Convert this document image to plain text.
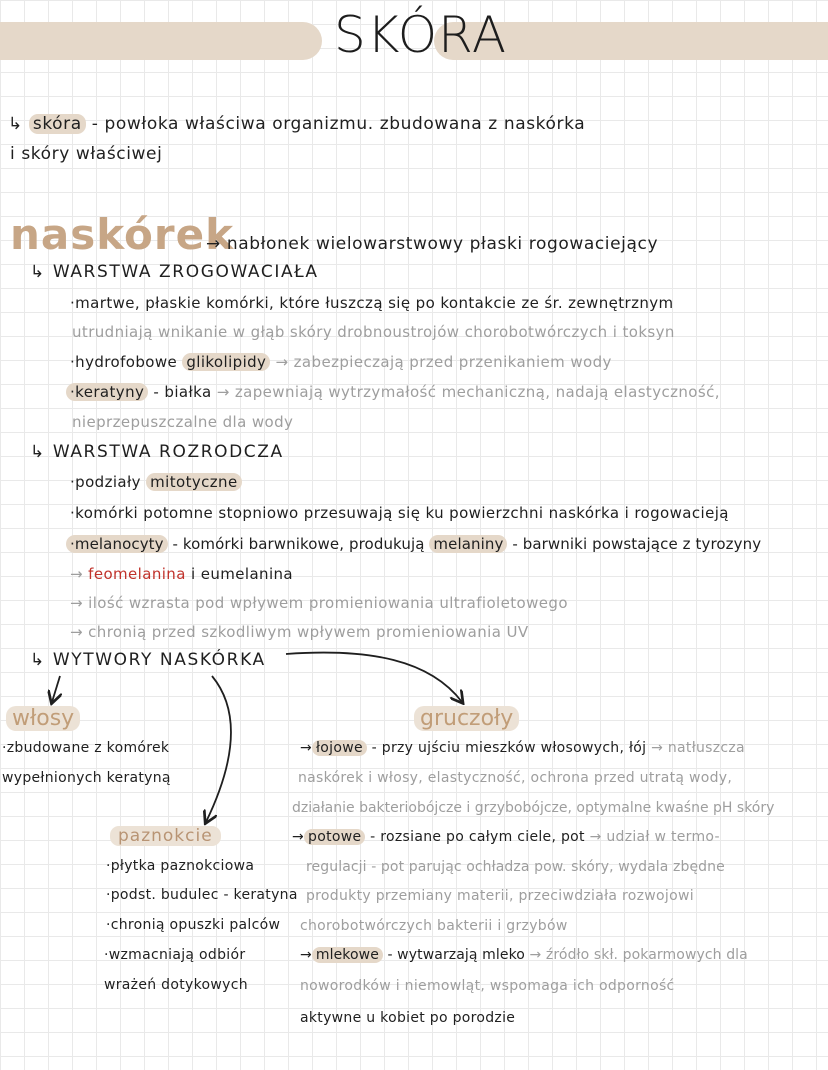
SKÓRA
↳ skóra - powłoka właściwa organizmu. zbudowana z naskórka
i skóry właściwej
naskórek
→ nabłonek wielowarstwowy płaski rogowaciejący
↳ WARSTWA ZROGOWACIAŁA
·martwe, płaskie komórki, które łuszczą się po kontakcie ze śr. zewnętrznym
utrudniają wnikanie w głąb skóry drobnoustrojów chorobotwórczych i toksyn
·hydrofobowe glikolipidy → zabezpieczają przed przenikaniem wody
·keratyny - białka → zapewniają wytrzymałość mechaniczną, nadają elastyczność,
nieprzepuszczalne dla wody
↳ WARSTWA ROZRODCZA
·podziały mitotyczne
·komórki potomne stopniowo przesuwają się ku powierzchni naskórka i rogowacieją
·melanocyty - komórki barwnikowe, produkują melaniny - barwniki powstające z tyrozyny
→ feomelanina i eumelanina
→ ilość wzrasta pod wpływem promieniowania ultrafioletowego
→ chronią przed szkodliwym wpływem promieniowania UV
↳ WYTWORY NASKÓRKA
włosy
·zbudowane z komórek
wypełnionych keratyną
paznokcie
·płytka paznokciowa
·podst. budulec - keratyna
·chronią opuszki palców
·wzmacniają odbiór
wrażeń dotykowych
gruczoły
→ łojowe - przy ujściu mieszków włosowych, łój → natłuszcza
naskórek i włosy, elastyczność, ochrona przed utratą wody,
działanie bakteriobójcze i grzybobójcze, optymalne kwaśne pH skóry
→ potowe - rozsiane po całym ciele, pot → udział w termo-
regulacji - pot parując ochładza pow. skóry, wydala zbędne
produkty przemiany materii, przeciwdziała rozwojowi
chorobotwórczych bakterii i grzybów
→ mlekowe - wytwarzają mleko → źródło skł. pokarmowych dla
noworodków i niemowląt, wspomaga ich odporność
aktywne u kobiet po porodzie
